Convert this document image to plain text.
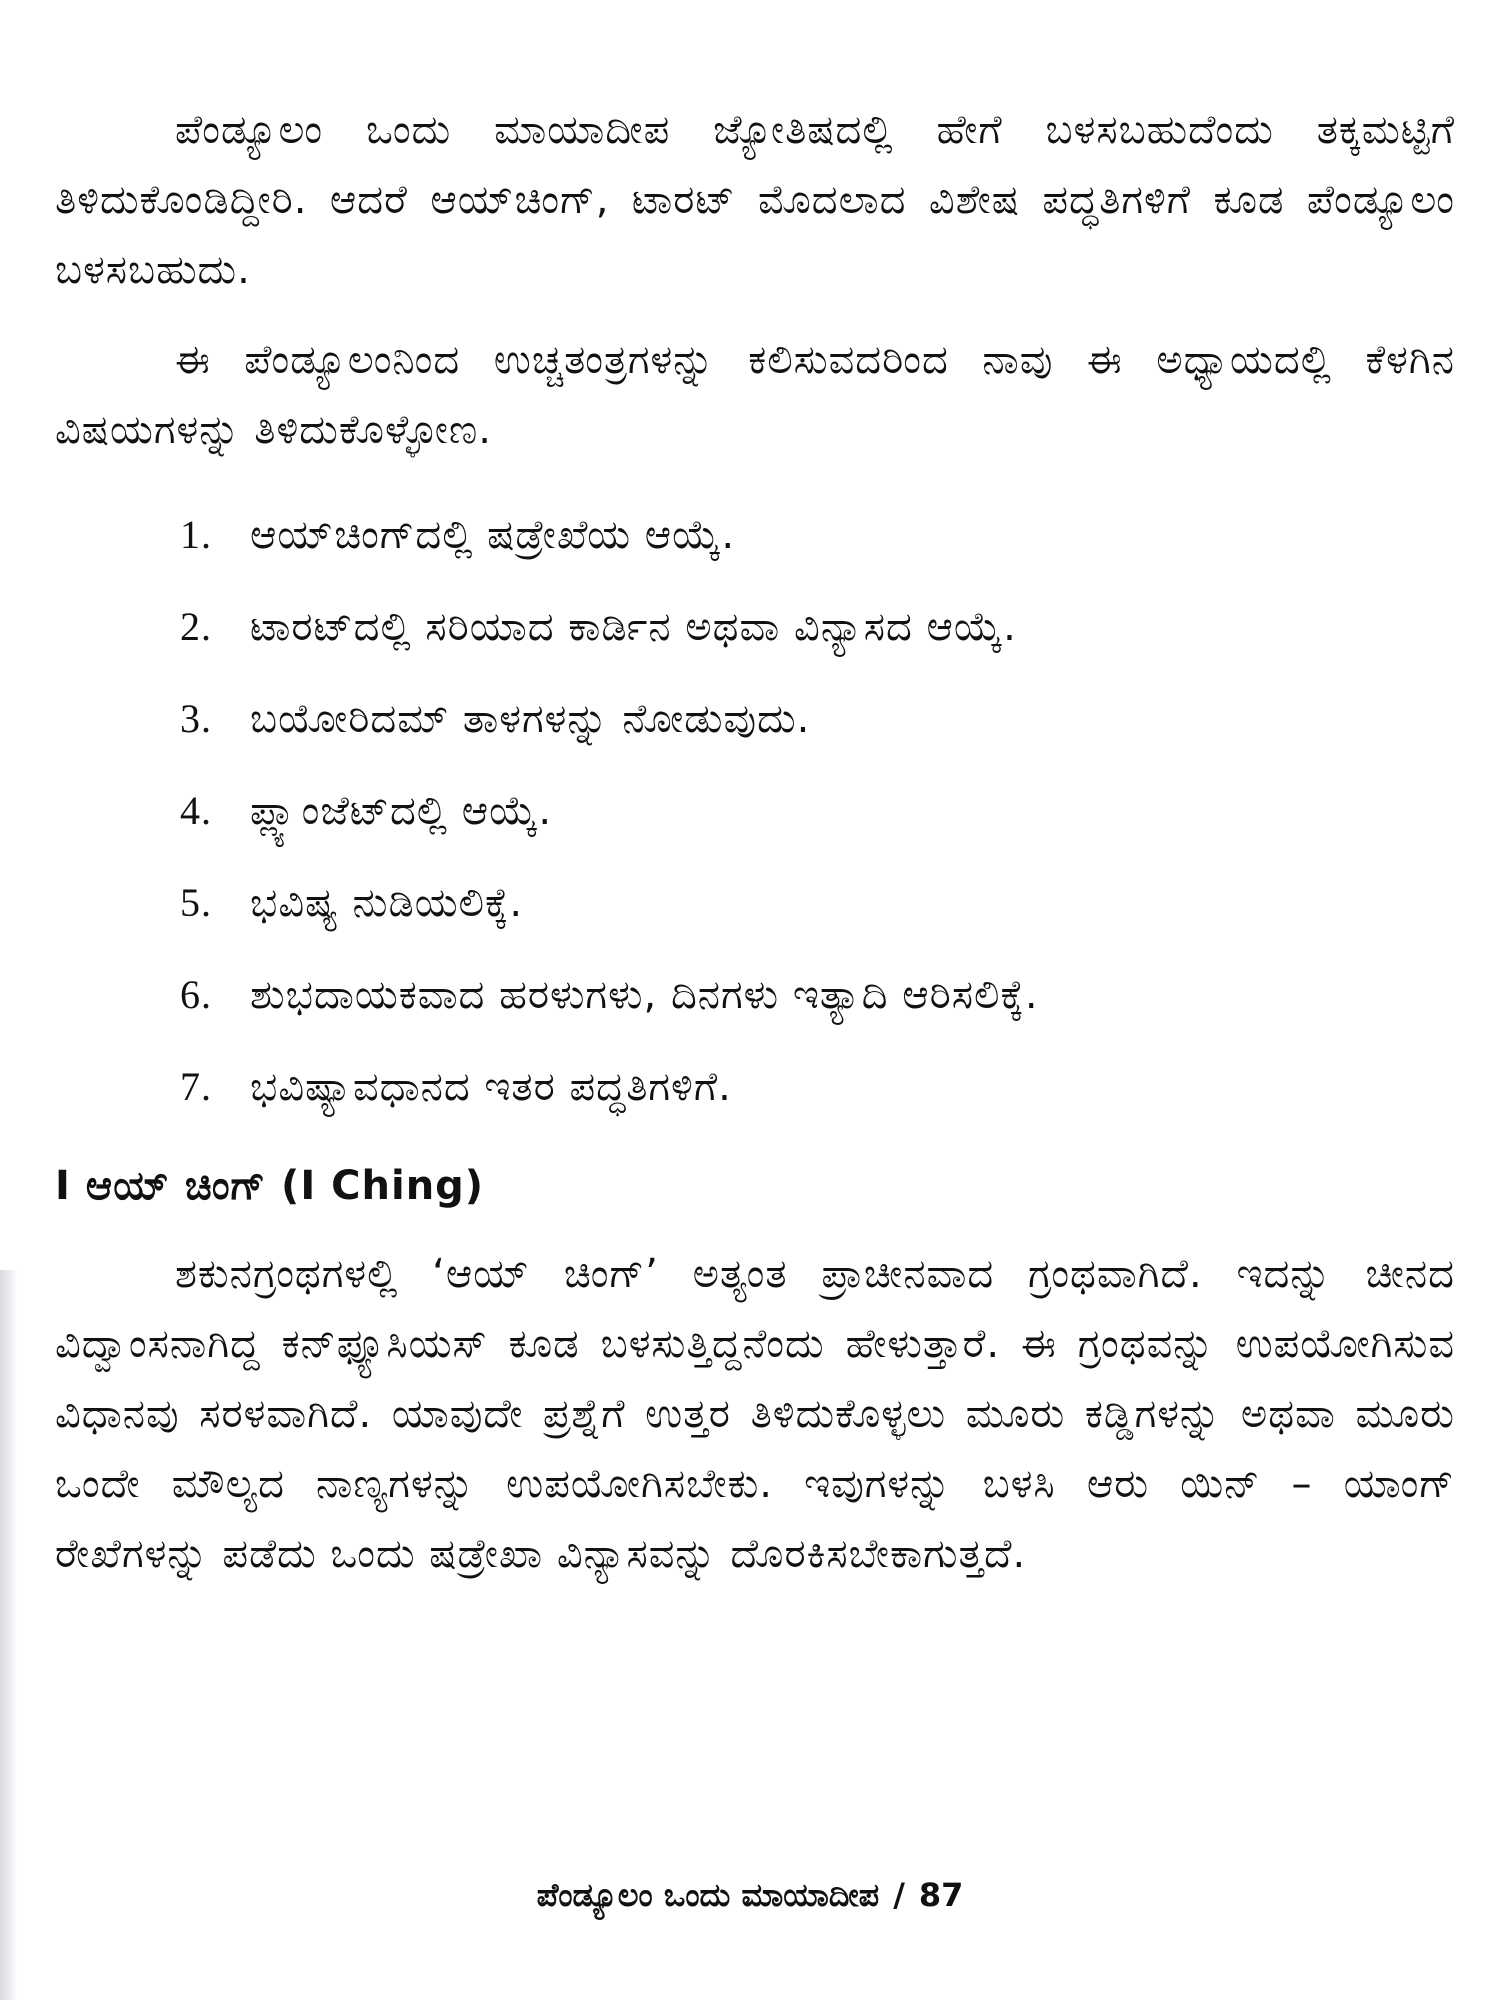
ಪೆಂಡ್ಯೂಲಂ ಒಂದು ಮಾಯಾದೀಪ ಜ್ಯೋತಿಷದಲ್ಲಿ ಹೇಗೆ ಬಳಸಬಹುದೆಂದು ತಕ್ಕಮಟ್ಟಿಗೆ ತಿಳಿದುಕೊಂಡಿದ್ದೀರಿ. ಆದರೆ ಆಯ್‌ಚಿಂಗ್, ಟಾರಟ್ ಮೊದಲಾದ ವಿಶೇಷ ಪದ್ಧತಿಗಳಿಗೆ ಕೂಡ ಪೆಂಡ್ಯೂಲಂ ಬಳಸಬಹುದು.

ಈ ಪೆಂಡ್ಯೂಲಂನಿಂದ ಉಚ್ಚತಂತ್ರಗಳನ್ನು ಕಲಿಸುವದರಿಂದ ನಾವು ಈ ಅಧ್ಯಾಯದಲ್ಲಿ ಕೆಳಗಿನ ವಿಷಯಗಳನ್ನು ತಿಳಿದುಕೊಳ್ಳೋಣ.

1. ಆಯ್‌ಚಿಂಗ್‌ದಲ್ಲಿ ಷಡ್ರೇಖೆಯ ಆಯ್ಕೆ.
2. ಟಾರಟ್‌ದಲ್ಲಿ ಸರಿಯಾದ ಕಾರ್ಡಿನ ಅಥವಾ ವಿನ್ಯಾಸದ ಆಯ್ಕೆ.
3. ಬಯೋರಿದಮ್ ತಾಳಗಳನ್ನು ನೋಡುವುದು.
4. ಪ್ಲ್ಯಾಂಜೆಟ್‌ದಲ್ಲಿ ಆಯ್ಕೆ.
5. ಭವಿಷ್ಯ ನುಡಿಯಲಿಕ್ಕೆ.
6. ಶುಭದಾಯಕವಾದ ಹರಳುಗಳು, ದಿನಗಳು ಇತ್ಯಾದಿ ಆರಿಸಲಿಕ್ಕೆ.
7. ಭವಿಷ್ಯಾವಧಾನದ ಇತರ ಪದ್ಧತಿಗಳಿಗೆ.
I ಆಯ್ ಚಿಂಗ್ (I Ching)

ಶಕುನಗ್ರಂಥಗಳಲ್ಲಿ ‘ಆಯ್ ಚಿಂಗ್’ ಅತ್ಯಂತ ಪ್ರಾಚೀನವಾದ ಗ್ರಂಥವಾಗಿದೆ. ಇದನ್ನು ಚೀನದ ವಿದ್ವಾಂಸನಾಗಿದ್ದ ಕನ್‌ಫ್ಯೂಸಿಯಸ್ ಕೂಡ ಬಳಸುತ್ತಿದ್ದನೆಂದು ಹೇಳುತ್ತಾರೆ. ಈ ಗ್ರಂಥವನ್ನು ಉಪಯೋಗಿಸುವ ವಿಧಾನವು ಸರಳವಾಗಿದೆ. ಯಾವುದೇ ಪ್ರಶ್ನೆಗೆ ಉತ್ತರ ತಿಳಿದುಕೊಳ್ಳಲು ಮೂರು ಕಡ್ಡಿಗಳನ್ನು ಅಥವಾ ಮೂರು ಒಂದೇ ಮೌಲ್ಯದ ನಾಣ್ಯಗಳನ್ನು ಉಪಯೋಗಿಸಬೇಕು. ಇವುಗಳನ್ನು ಬಳಸಿ ಆರು ಯಿನ್ – ಯಾಂಗ್ ರೇಖೆಗಳನ್ನು ಪಡೆದು ಒಂದು ಷಡ್ರೇಖಾ ವಿನ್ಯಾಸವನ್ನು ದೊರಕಿಸಬೇಕಾಗುತ್ತದೆ.

ಪೆಂಡ್ಯೂಲಂ ಒಂದು ಮಾಯಾದೀಪ / 87
